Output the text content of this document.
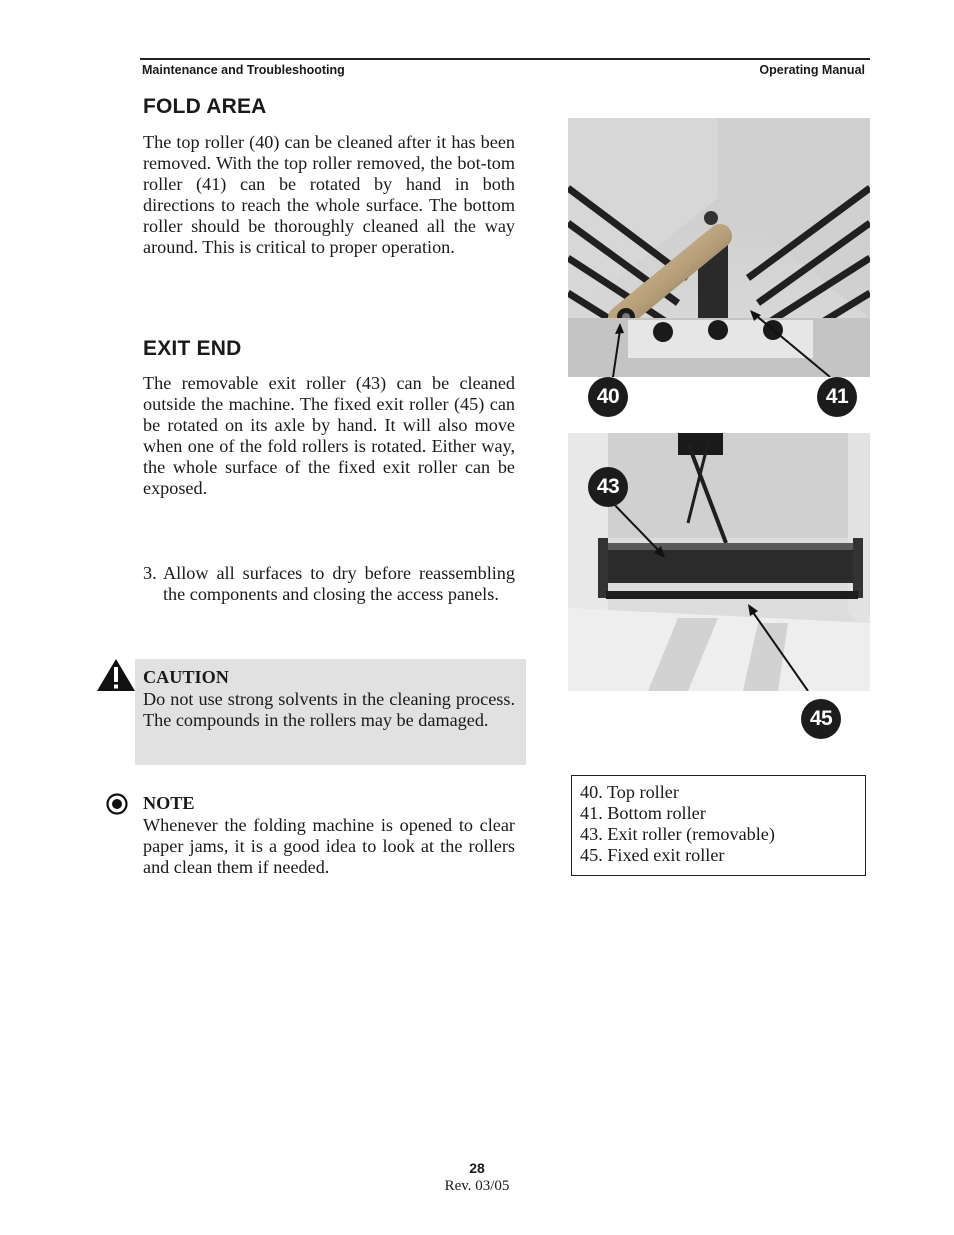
Maintenance and Troubleshooting	Operating Manual
FOLD AREA
The top roller (40) can be cleaned after it has been removed. With the top roller removed, the bot-tom roller (41) can be rotated by hand in both directions to reach the whole surface. The bottom roller should be thoroughly cleaned all the way around. This is critical to proper operation.
EXIT END
The removable exit roller (43) can be cleaned outside the machine. The fixed exit roller (45) can be rotated on its axle by hand. It will also move when one of the fold rollers is rotated. Either way, the whole surface of the fixed exit roller can be exposed.
3. Allow all surfaces to dry before reassembling the components and closing the access panels.
CAUTION
Do not use strong solvents in the cleaning process. The compounds in the rollers may be damaged.
NOTE
Whenever the folding machine is opened to clear paper jams, it is a good idea to look at the rollers and clean them if needed.
40	41
43
45
40. Top roller
41. Bottom roller
43. Exit roller (removable)
45. Fixed exit roller
28
Rev. 03/05
